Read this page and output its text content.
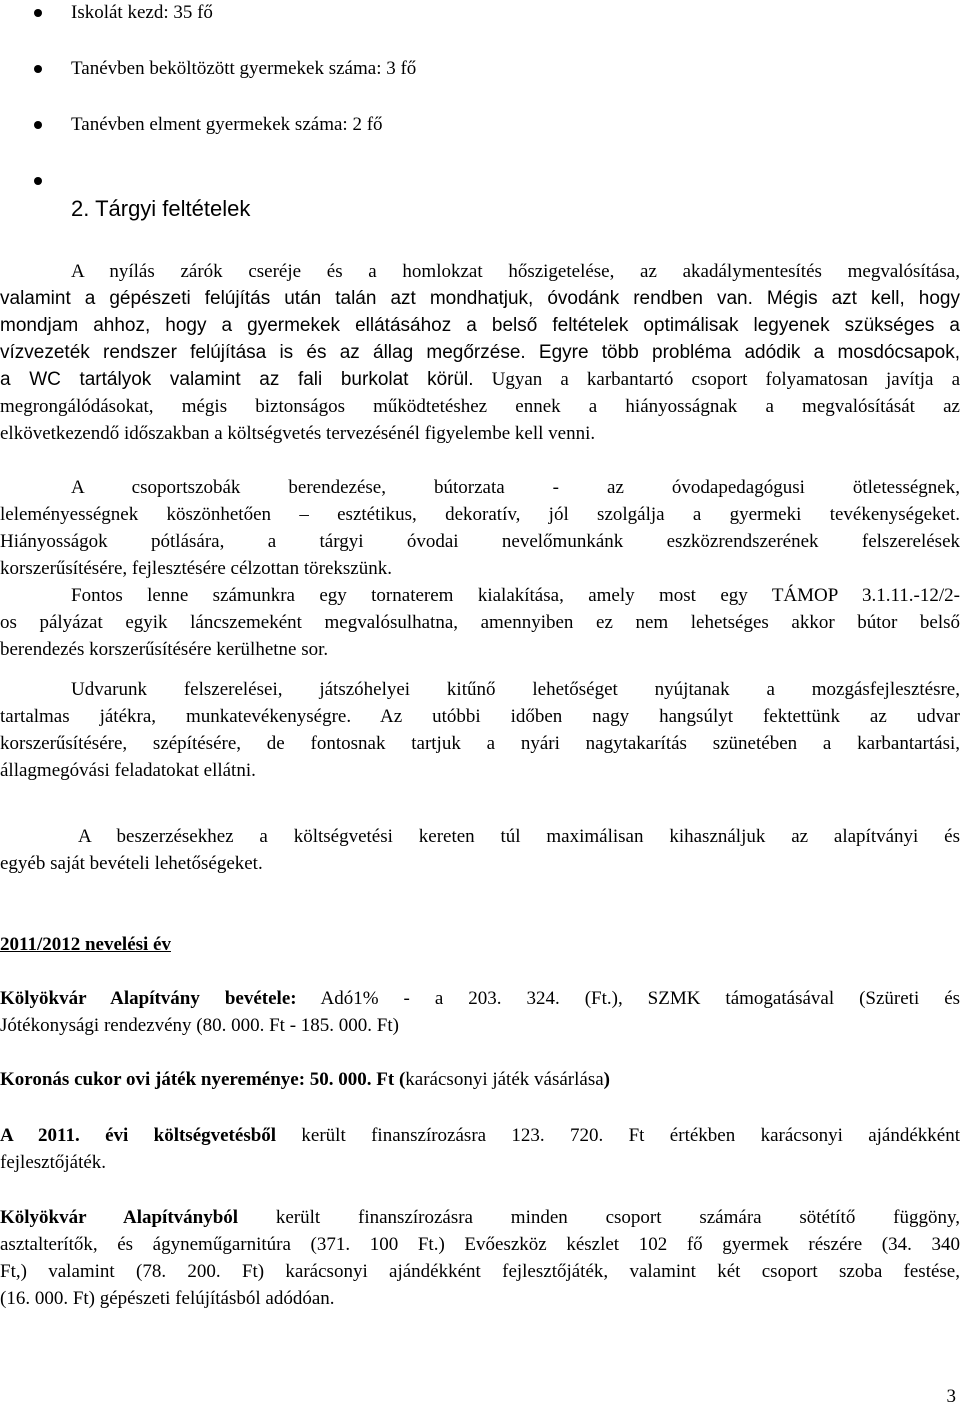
Iskolát kezd: 35 fő
Tanévben beköltözött gyermekek száma: 3 fő
Tanévben elment gyermekek száma: 2 fő
2. Tárgyi feltételek
A nyílás zárók cseréje és a homlokzat hőszigetelése, az akadálymentesítés megvalósítása,
valamint a gépészeti felújítás után talán azt mondhatjuk, óvodánk rendben van. Mégis azt kell, hogy
mondjam ahhoz, hogy a gyermekek ellátásához a belső feltételek optimálisak legyenek szükséges a
vízvezeték rendszer felújítása is és az állag megőrzése. Egyre több probléma adódik a mosdócsapok,
a WC tartályok valamint az fali burkolat körül. Ugyan a karbantartó csoport folyamatosan javítja a
megrongálódásokat, mégis biztonságos működtetéshez ennek a hiányosságnak a megvalósítását az
elkövetkezendő időszakban a költségvetés tervezésénél figyelembe kell venni.
A csoportszobák berendezése, bútorzata - az óvodapedagógusi ötletességnek,
leleményességnek köszönhetően – esztétikus, dekoratív, jól szolgálja a gyermeki tevékenységeket.
Hiányosságok pótlására, a tárgyi óvodai nevelőmunkánk eszközrendszerének felszerelések
korszerűsítésére, fejlesztésére célzottan törekszünk.
Fontos lenne számunkra egy tornaterem kialakítása, amely most egy TÁMOP 3.1.11.-12/2-
os pályázat egyik láncszemeként megvalósulhatna, amennyiben ez nem lehetséges akkor bútor belső
berendezés korszerűsítésére kerülhetne sor.
Udvarunk felszerelései, játszóhelyei kitűnő lehetőséget nyújtanak a mozgásfejlesztésre,
tartalmas játékra, munkatevékenységre. Az utóbbi időben nagy hangsúlyt fektettünk az udvar
korszerűsítésére, szépítésére, de fontosnak tartjuk a nyári nagytakarítás szünetében a karbantartási,
állagmegóvási feladatokat ellátni.
A beszerzésekhez a költségvetési kereten túl maximálisan kihasználjuk az alapítványi és
egyéb saját bevételi lehetőségeket.
2011/2012 nevelési év
Kölyökvár Alapítvány bevétele: Adó1% - a 203. 324. (Ft.), SZMK támogatásával (Szüreti és
Jótékonysági rendezvény (80. 000. Ft - 185. 000. Ft)
Koronás cukor ovi játék nyereménye: 50. 000. Ft (karácsonyi játék vásárlása)
A 2011. évi költségvetésből került finanszírozásra 123. 720. Ft értékben karácsonyi ajándékként
fejlesztőjáték.
Kölyökvár Alapítványból került finanszírozásra minden csoport számára sötétítő függöny,
asztalterítők, és ágyneműgarnitúra (371. 100 Ft.) Evőeszköz készlet 102 fő gyermek részére (34. 340
Ft,) valamint (78. 200. Ft) karácsonyi ajándékként fejlesztőjáték, valamint két csoport szoba festése,
(16. 000. Ft) gépészeti felújításból adódóan.
3
